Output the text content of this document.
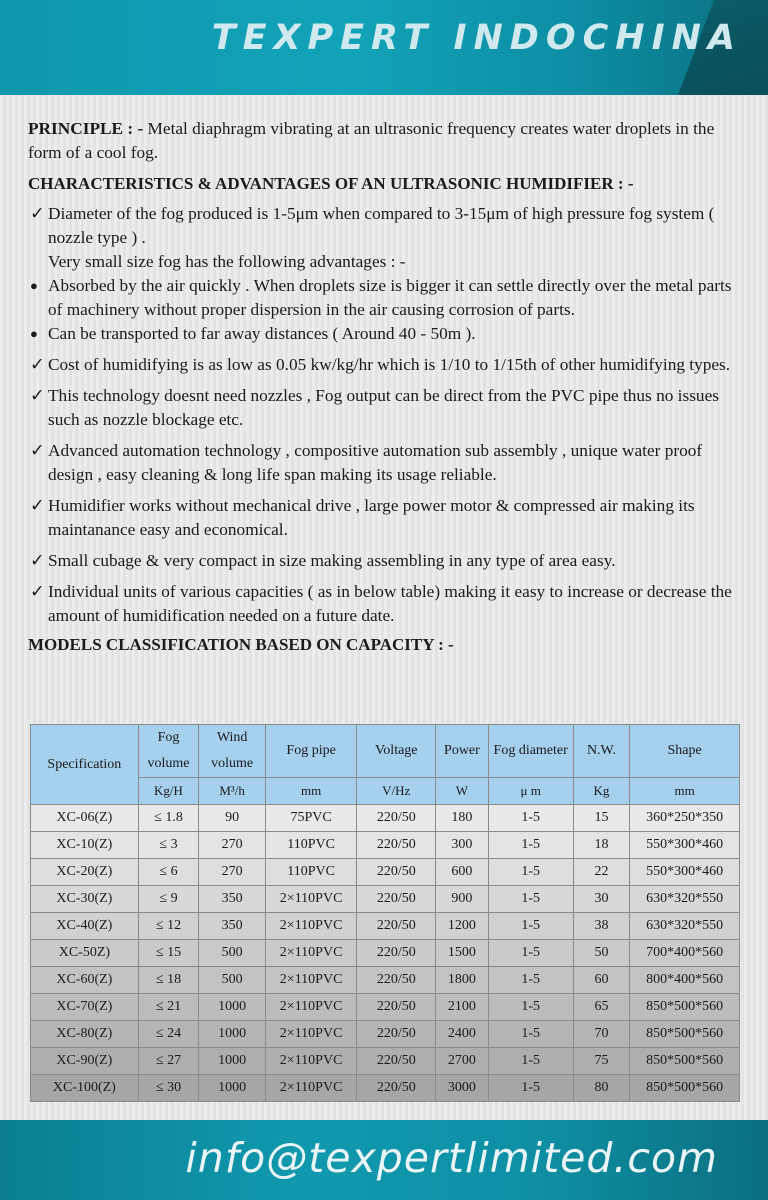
TEXPERT INDOCHINA

PRINCIPLE : - Metal diaphragm vibrating at an ultrasonic frequency creates water droplets in the form of a cool fog.

CHARACTERISTICS & ADVANTAGES OF AN ULTRASONIC HUMIDIFIER : -
✓ Diameter of the fog produced is 1-5μm when compared to 3-15μm of high pressure fog system ( nozzle type ) .
Very small size fog has the following advantages : -
● Absorbed by the air quickly . When droplets size is bigger it can settle directly over the metal parts of machinery without proper dispersion in the air causing corrosion of parts.
● Can be transported to far away distances ( Around 40 - 50m ).
✓ Cost of humidifying is as low as 0.05 kw/kg/hr which is 1/10 to 1/15th of other humidifying types.
✓ This technology doesnt need nozzles , Fog output can be direct from the PVC pipe thus no issues such as nozzle blockage etc.
✓ Advanced automation technology , compositive automation sub assembly , unique water proof design , easy cleaning & long life span making its usage reliable.
✓ Humidifier works without mechanical drive , large power motor & compressed air making its maintanance easy and economical.
✓ Small cubage & very compact in size making assembling in any type of area easy.
✓ Individual units of various capacities ( as in below table) making it easy to increase or decrease the amount of humidification needed on a future date.
MODELS CLASSIFICATION BASED ON CAPACITY : -
Specification	Fog volume	Wind volume	Fog pipe	Voltage	Power	Fog diameter	N.W.	Shape
	Kg/H	M³/h	mm	V/Hz	W	μ m	Kg	mm
XC-06(Z)	≤ 1.8	90	75PVC	220/50	180	1-5	15	360*250*350
XC-10(Z)	≤ 3	270	110PVC	220/50	300	1-5	18	550*300*460
XC-20(Z)	≤ 6	270	110PVC	220/50	600	1-5	22	550*300*460
XC-30(Z)	≤ 9	350	2×110PVC	220/50	900	1-5	30	630*320*550
XC-40(Z)	≤ 12	350	2×110PVC	220/50	1200	1-5	38	630*320*550
XC-50Z)	≤ 15	500	2×110PVC	220/50	1500	1-5	50	700*400*560
XC-60(Z)	≤ 18	500	2×110PVC	220/50	1800	1-5	60	800*400*560
XC-70(Z)	≤ 21	1000	2×110PVC	220/50	2100	1-5	65	850*500*560
XC-80(Z)	≤ 24	1000	2×110PVC	220/50	2400	1-5	70	850*500*560
XC-90(Z)	≤ 27	1000	2×110PVC	220/50	2700	1-5	75	850*500*560
XC-100(Z)	≤ 30	1000	2×110PVC	220/50	3000	1-5	80	850*500*560
info@texpertlimited.com
